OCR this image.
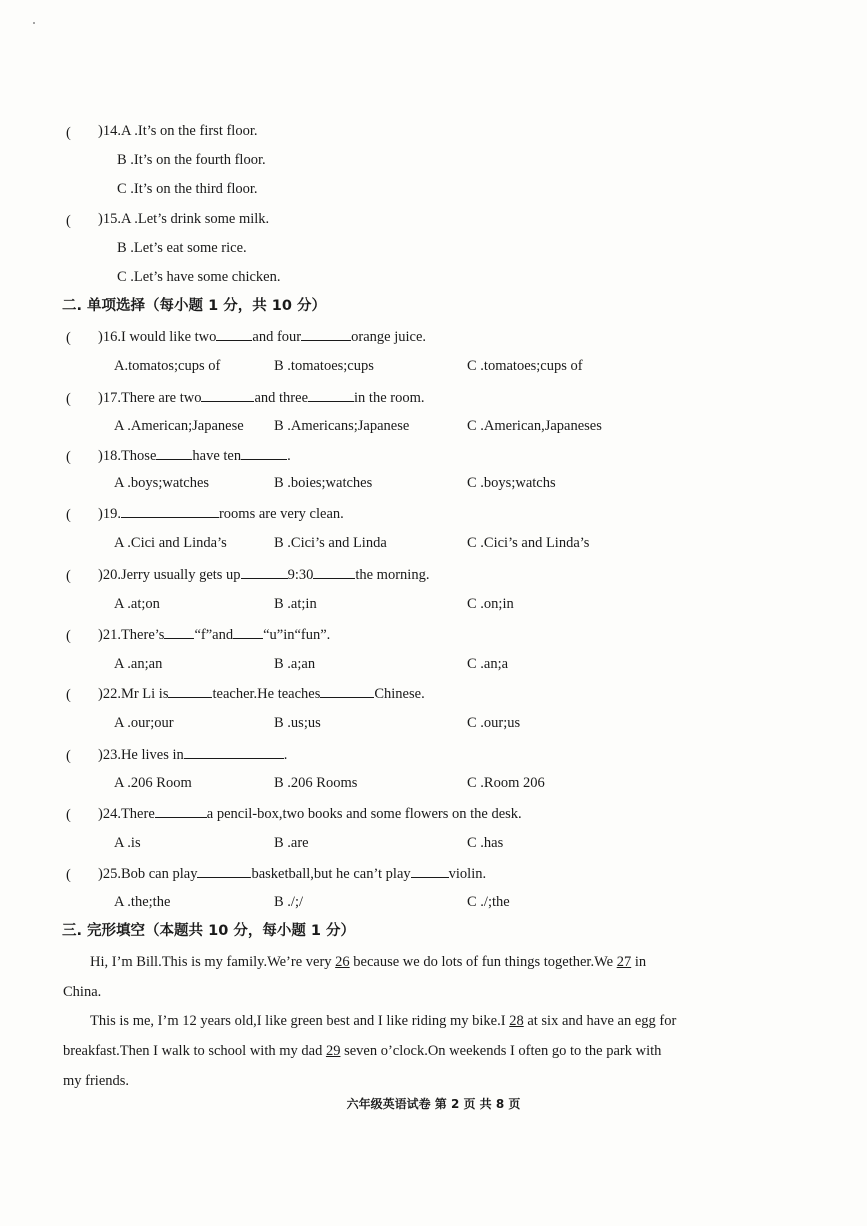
( )14.A .It’s on the first floor.
B .It’s on the fourth floor.
C .It’s on the third floor.
( )15.A .Let’s drink some milk.
B .Let’s eat some rice.
C .Let’s have some chicken.
二. 单项选择（每小题 1 分，共 10 分）
( )16.I would like two and four	orange juice.
A.tomatos;cups of	B .tomatoes;cups	C .tomatoes;cups of
( )17.There are two	and three	in the room.
A .American;Japanese B .Americans;Japanese	C .American,Japaneses
( )18.Those have ten	.
A .boys;watches	B .boies;watches	C .boys;watchs
( )19.	rooms are very clean.
A .Cici and Linda’s	B .Cici’s and Linda	C .Cici’s and Linda’s
( )20.Jerry usually gets up	9:30	the morning.
A .at;on	B .at;in	C .on;in
( )21.There’s “f”and “u”in“fun”.
A .an;an	B .a;an	C .an;a
( )22.Mr Li is	teacher.He teaches	Chinese.
A .our;our	B .us;us	C .our;us
( )23.He lives in	.
A .206 Room	B .206 Rooms	C .Room 206
( )24.There	a pencil-box,two books and some flowers on the desk.
A .is	B .are	C .has
( )25.Bob can play	basketball,but he can’t play	violin.
A .the;the	B ./;/	C ./;the
三. 完形填空（本题共 10 分，每小题 1 分）
Hi, I’m Bill.This is my family.We’re very 26 because we do lots of fun things together.We 27 in
China.
This is me, I’m 12 years old,I like green best and I like riding my bike.I 28 at six and have an egg for
breakfast.Then I walk to school with my dad 29 seven o’clock.On weekends I often go to the park with
my friends.
六年级英语试卷 第 2 页 共 8 页
